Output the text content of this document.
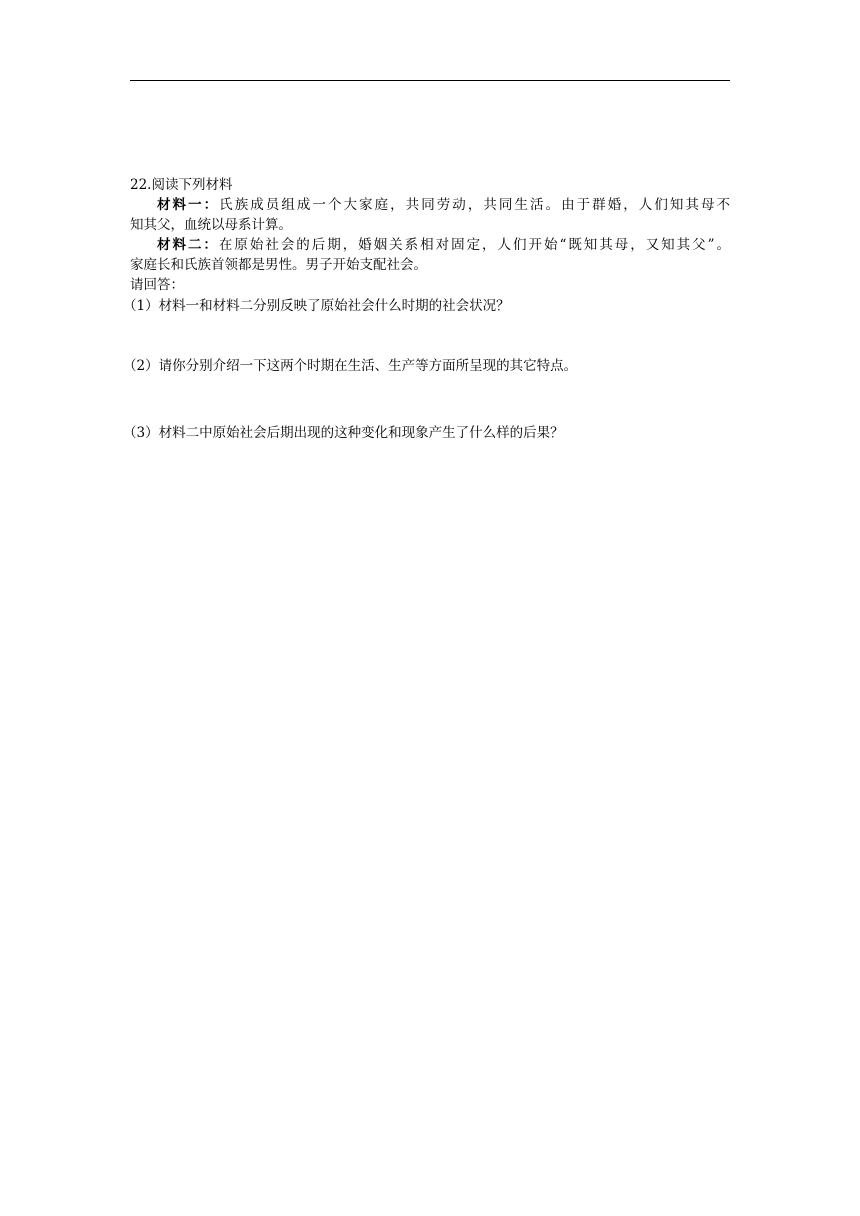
22.阅读下列材料
材料一：氏族成员组成一个大家庭，共同劳动，共同生活。由于群婚，人们知其母不
知其父，血统以母系计算。
材料二：在原始社会的后期，婚姻关系相对固定，人们开始“既知其母，又知其父”。
家庭长和氏族首领都是男性。男子开始支配社会。
请回答：
（1）材料一和材料二分别反映了原始社会什么时期的社会状况？
（2）请你分别介绍一下这两个时期在生活、生产等方面所呈现的其它特点。
（3）材料二中原始社会后期出现的这种变化和现象产生了什么样的后果？
